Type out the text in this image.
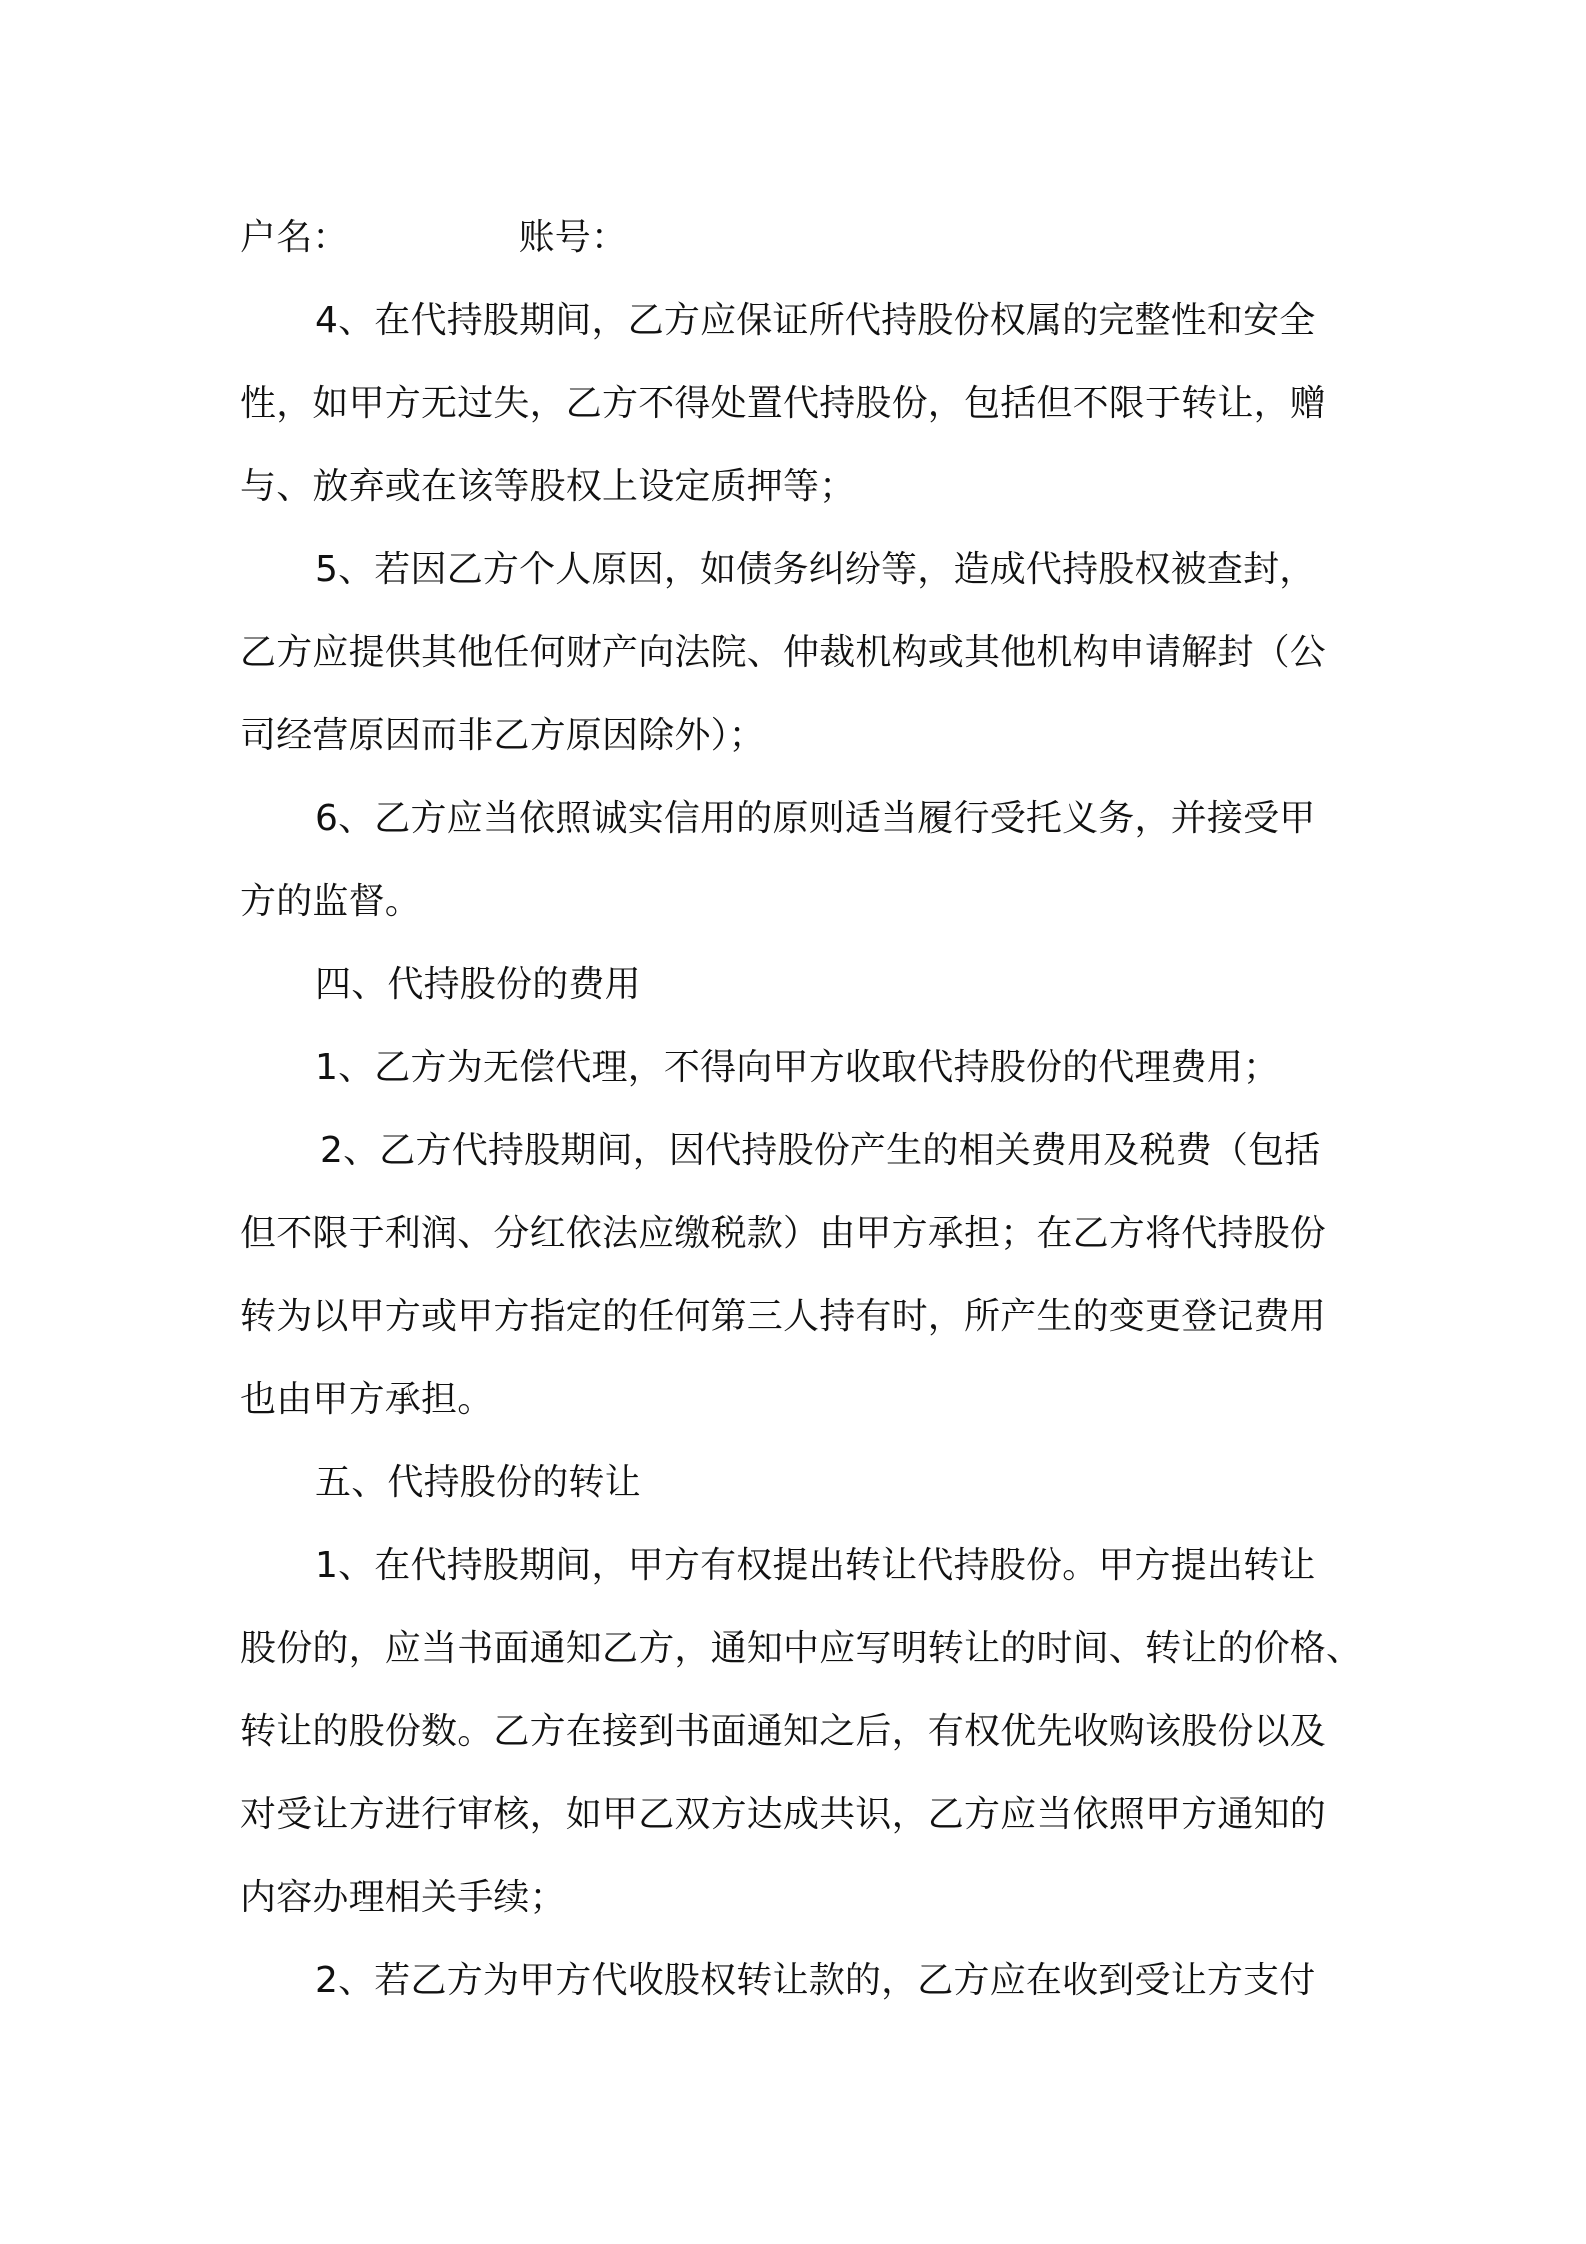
户名：	账号：
4、在代持股期间，乙方应保证所代持股份权属的完整性和安全
性，如甲方无过失，乙方不得处置代持股份，包括但不限于转让，赠
与、放弃或在该等股权上设定质押等；
5、若因乙方个人原因，如债务纠纷等，造成代持股权被查封，
乙方应提供其他任何财产向法院、仲裁机构或其他机构申请解封（公
司经营原因而非乙方原因除外）；
6、乙方应当依照诚实信用的原则适当履行受托义务，并接受甲
方的监督。
四、代持股份的费用
1、乙方为无偿代理，不得向甲方收取代持股份的代理费用；
2、乙方代持股期间，因代持股份产生的相关费用及税费（包括
但不限于利润、分红依法应缴税款）由甲方承担；在乙方将代持股份
转为以甲方或甲方指定的任何第三人持有时，所产生的变更登记费用
也由甲方承担。
五、代持股份的转让
1、在代持股期间，甲方有权提出转让代持股份。甲方提出转让
股份的，应当书面通知乙方，通知中应写明转让的时间、转让的价格、
转让的股份数。乙方在接到书面通知之后，有权优先收购该股份以及
对受让方进行审核，如甲乙双方达成共识，乙方应当依照甲方通知的
内容办理相关手续；
2、若乙方为甲方代收股权转让款的，乙方应在收到受让方支付
